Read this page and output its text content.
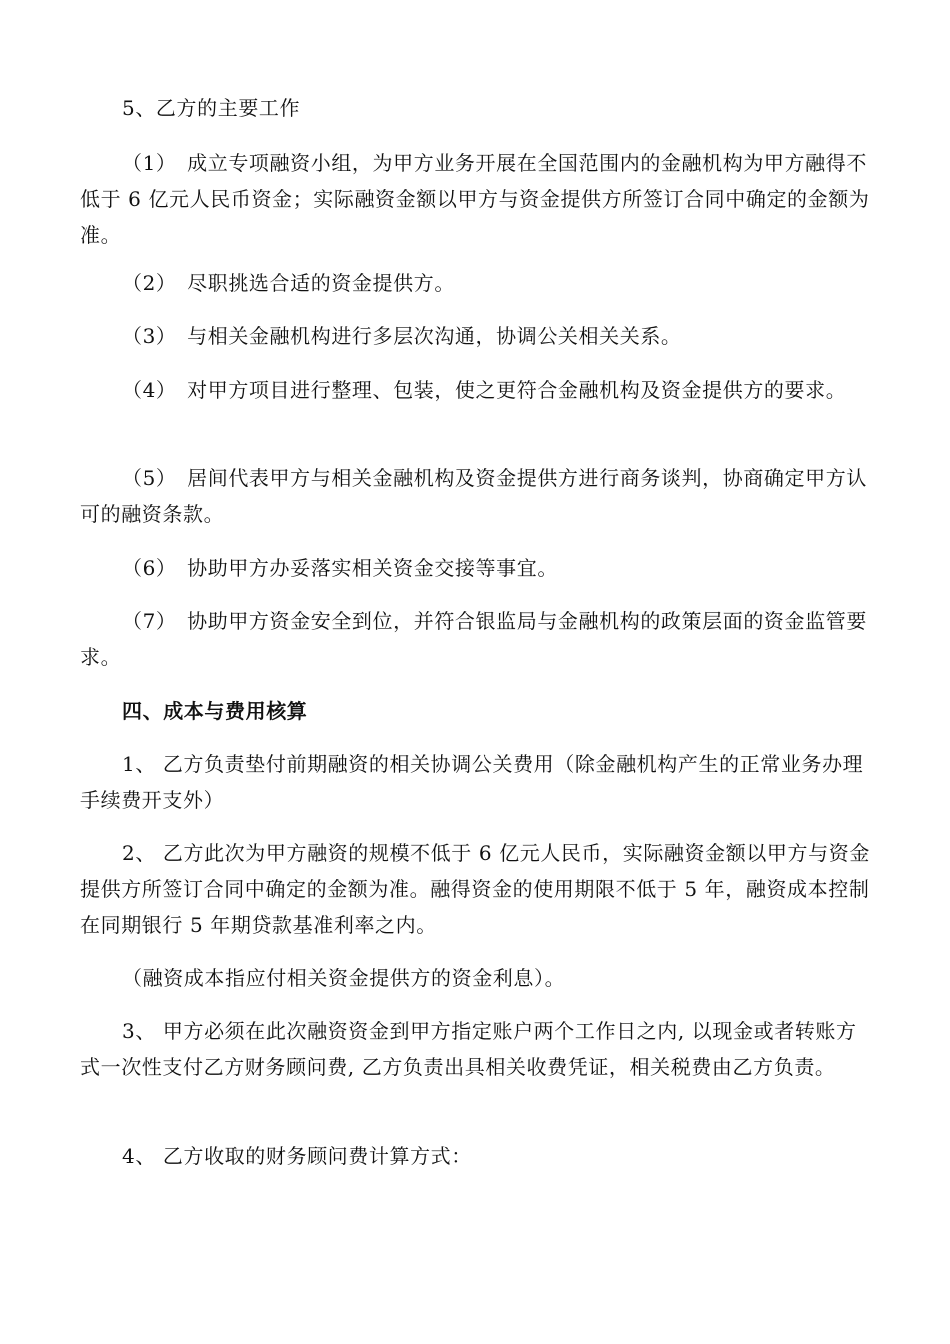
5、乙方的主要工作

（1）　成立专项融资小组，为甲方业务开展在全国范围内的金融机构为甲方融得不低于 6 亿元人民币资金；实际融资金额以甲方与资金提供方所签订合同中确定的金额为准。

（2）　尽职挑选合适的资金提供方。

（3）　与相关金融机构进行多层次沟通，协调公关相关关系。

（4）　对甲方项目进行整理、包装，使之更符合金融机构及资金提供方的要求。

（5）　居间代表甲方与相关金融机构及资金提供方进行商务谈判，协商确定甲方认可的融资条款。

（6）　协助甲方办妥落实相关资金交接等事宜。

（7）　协助甲方资金安全到位，并符合银监局与金融机构的政策层面的资金监管要求。

四、成本与费用核算

1、 乙方负责垫付前期融资的相关协调公关费用（除金融机构产生的正常业务办理手续费开支外）

2、 乙方此次为甲方融资的规模不低于 6 亿元人民币，实际融资金额以甲方与资金提供方所签订合同中确定的金额为准。融得资金的使用期限不低于 5 年，融资成本控制在同期银行 5 年期贷款基准利率之内。

（融资成本指应付相关资金提供方的资金利息）。

3、 甲方必须在此次融资资金到甲方指定账户两个工作日之内, 以现金或者转账方式一次性支付乙方财务顾问费, 乙方负责出具相关收费凭证，相关税费由乙方负责。

4、 乙方收取的财务顾问费计算方式：
